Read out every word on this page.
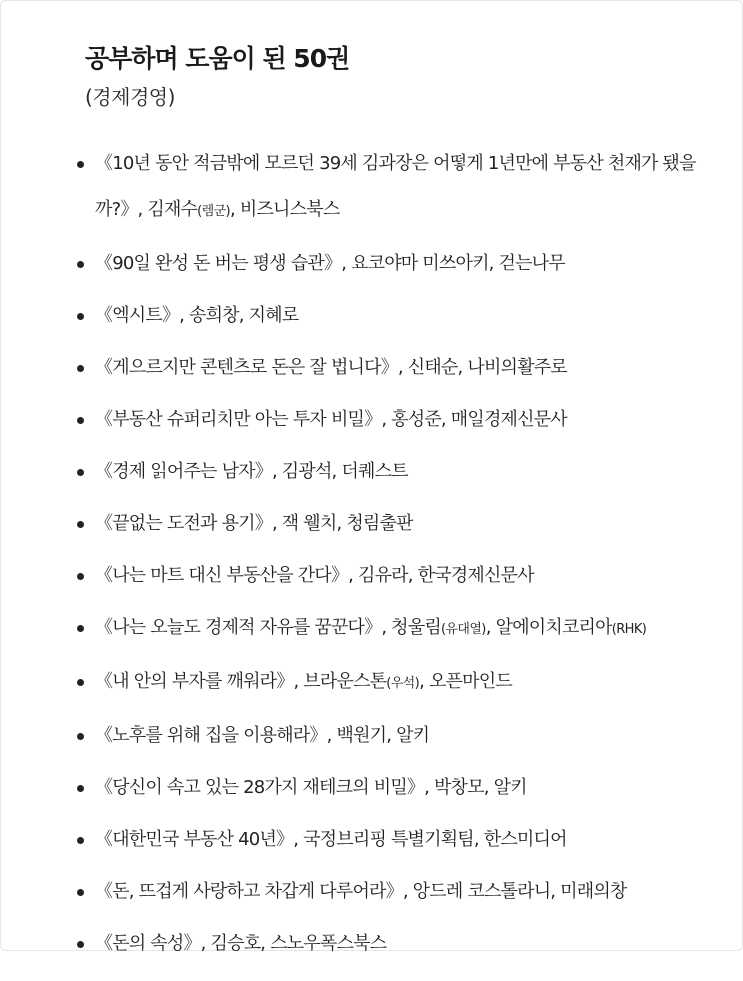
공부하며 도움이 된 50권
(경제경영)
《10년 동안 적금밖에 모르던 39세 김과장은 어떻게 1년만에 부동산 천재가 됐을까?》, 김재수(렘군), 비즈니스북스
《90일 완성 돈 버는 평생 습관》, 요코야마 미쓰아키, 걷는나무
《엑시트》, 송희창, 지혜로
《게으르지만 콘텐츠로 돈은 잘 법니다》, 신태순, 나비의활주로
《부동산 슈퍼리치만 아는 투자 비밀》, 홍성준, 매일경제신문사
《경제 읽어주는 남자》, 김광석, 더퀘스트
《끝없는 도전과 용기》, 잭 웰치, 청림출판
《나는 마트 대신 부동산을 간다》, 김유라, 한국경제신문사
《나는 오늘도 경제적 자유를 꿈꾼다》, 청울림(유대열), 알에이치코리아(RHK)
《내 안의 부자를 깨워라》, 브라운스톤(우석), 오픈마인드
《노후를 위해 집을 이용해라》, 백원기, 알키
《당신이 속고 있는 28가지 재테크의 비밀》, 박창모, 알키
《대한민국 부동산 40년》, 국정브리핑 특별기획팀, 한스미디어
《돈, 뜨겁게 사랑하고 차갑게 다루어라》, 앙드레 코스톨라니, 미래의창
《돈의 속성》, 김승호, 스노우폭스북스
